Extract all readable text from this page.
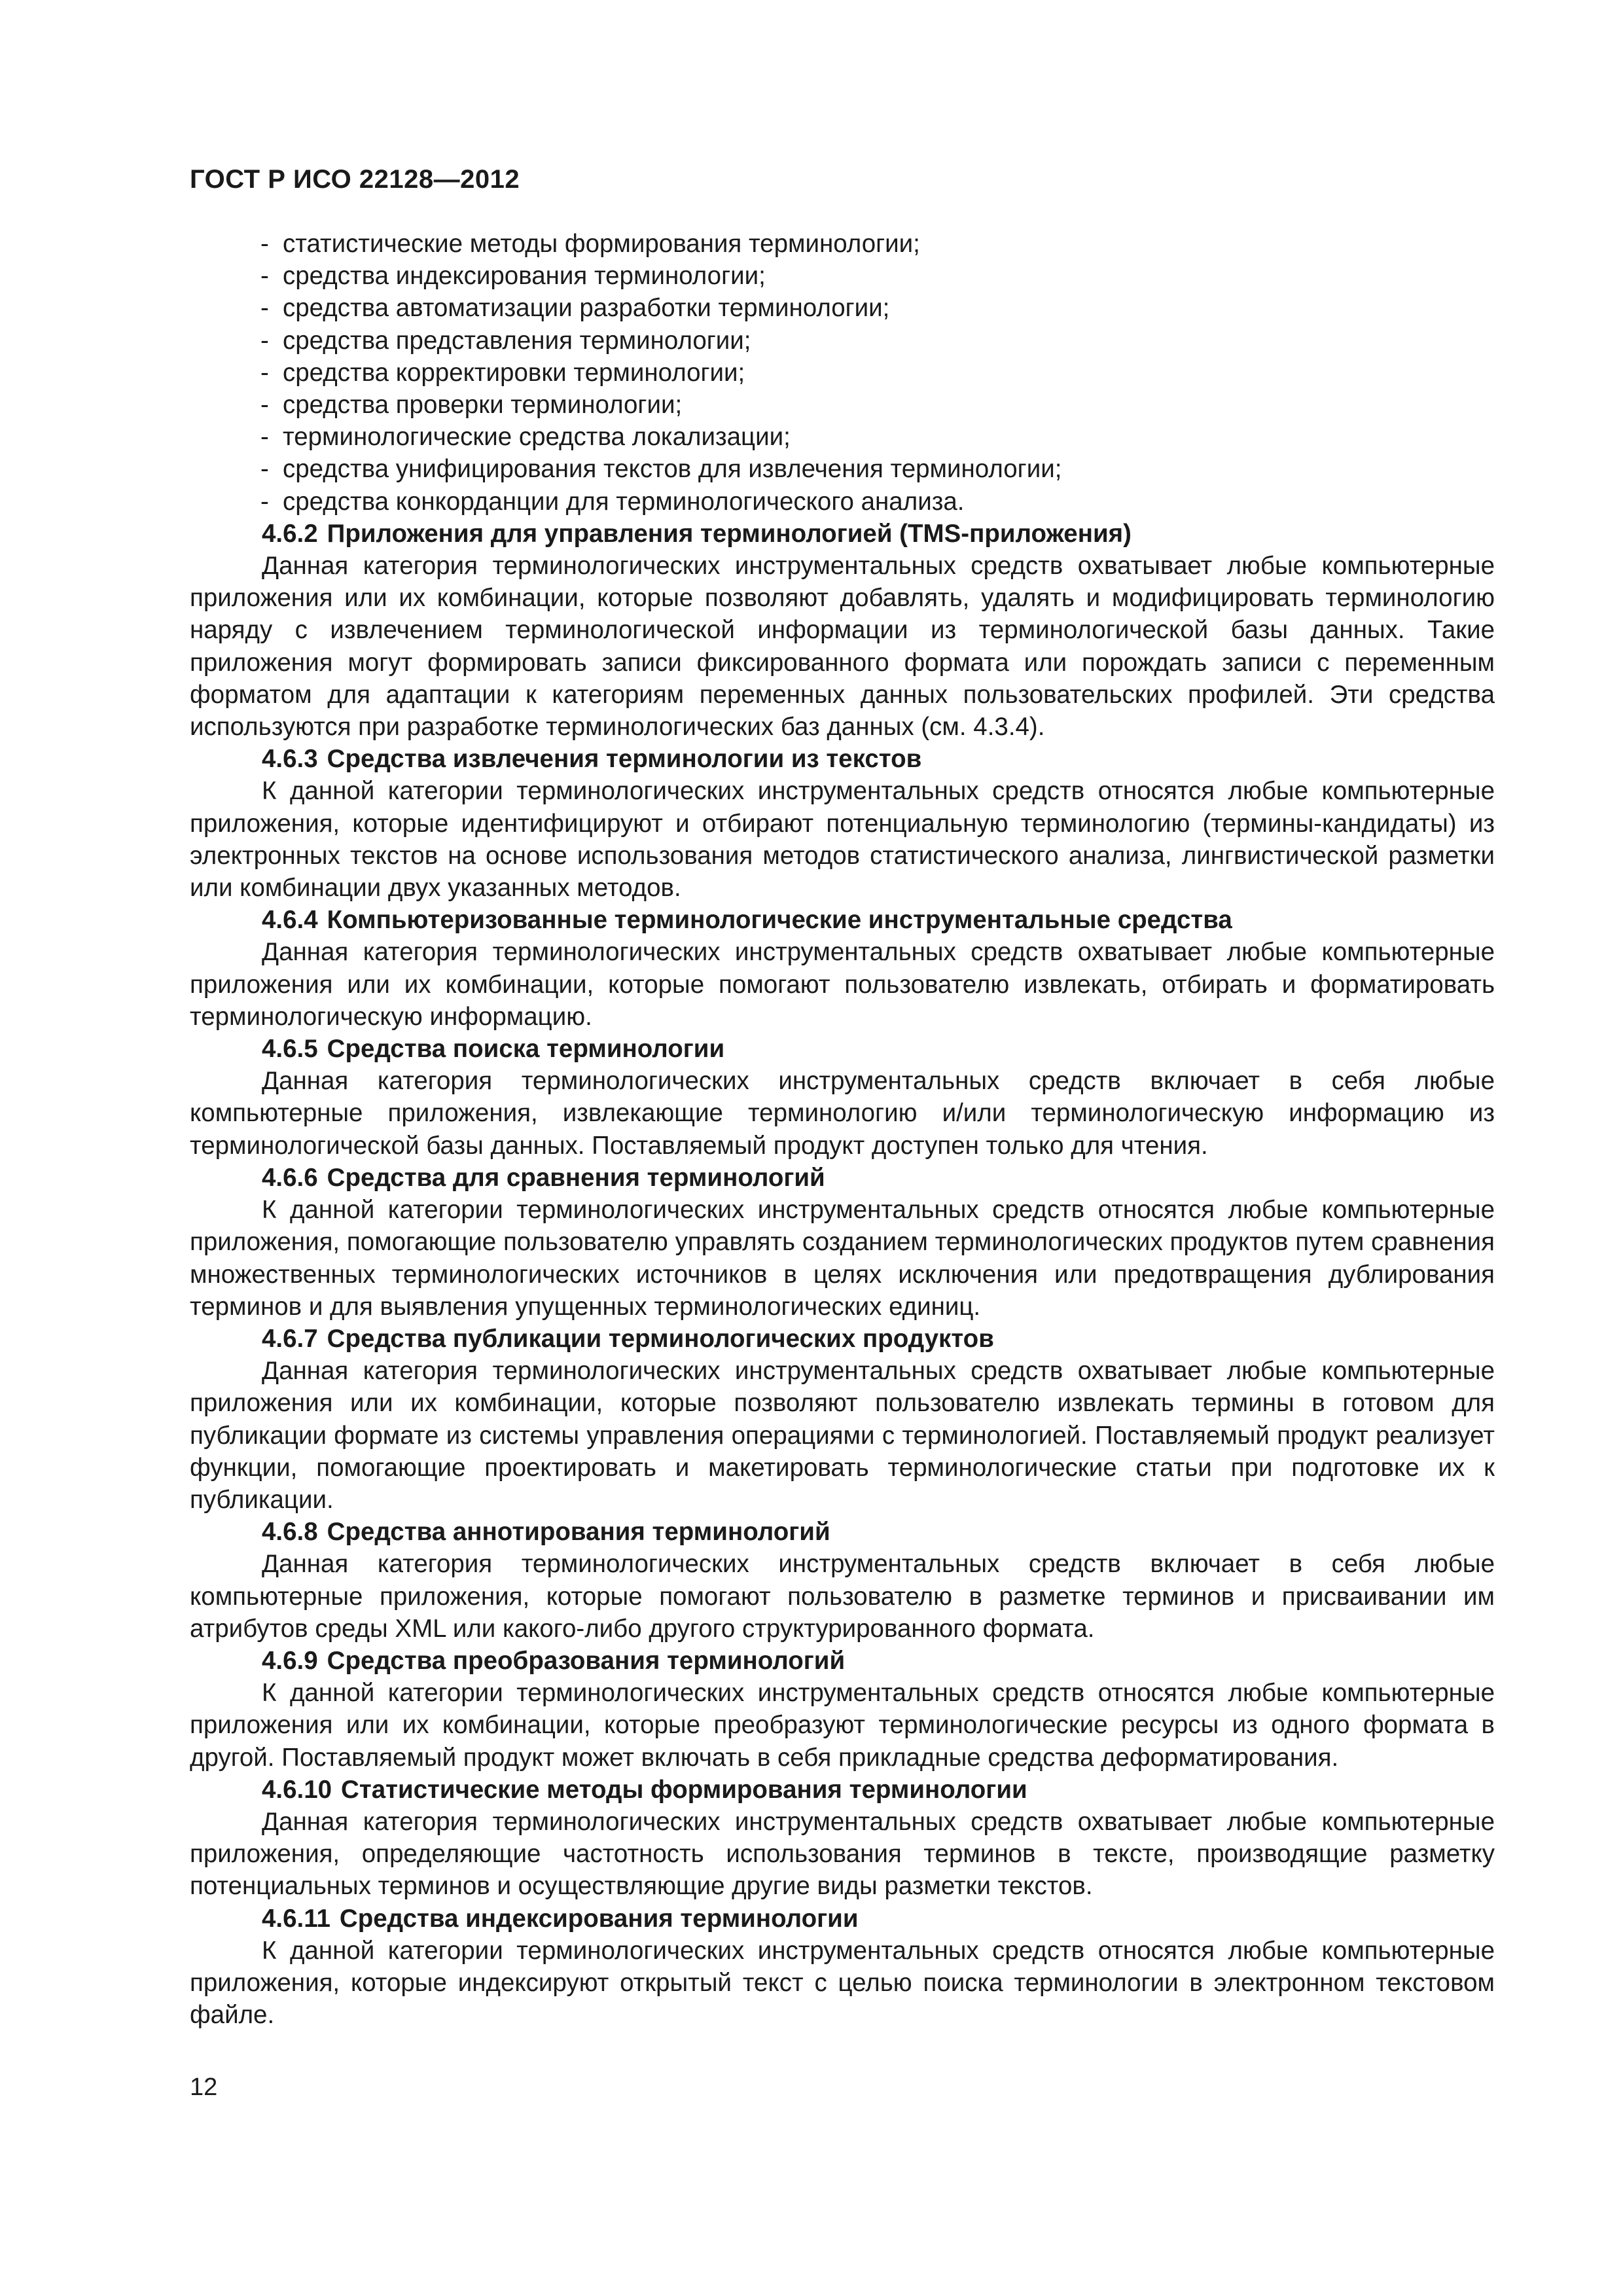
ГОСТ Р ИСО 22128—2012
- статистические методы формирования терминологии;
- средства индексирования терминологии;
- средства автоматизации разработки терминологии;
- средства представления терминологии;
- средства корректировки терминологии;
- средства проверки терминологии;
- терминологические средства локализации;
- средства унифицирования текстов для извлечения терминологии;
- средства конкорданции для терминологического анализа.
4.6.2 Приложения для управления терминологией (TMS-приложения)
Данная категория терминологических инструментальных средств охватывает любые компьютерные приложения или их комбинации, которые позволяют добавлять, удалять и модифицировать терминологию наряду с извлечением терминологической информации из терминологической базы данных. Такие приложения могут формировать записи фиксированного формата или порождать записи с переменным форматом для адаптации к категориям переменных данных пользовательских профилей. Эти средства используются при разработке терминологических баз данных (см. 4.3.4).
4.6.3 Средства извлечения терминологии из текстов
К данной категории терминологических инструментальных средств относятся любые компьютерные приложения, которые идентифицируют и отбирают потенциальную терминологию (термины-кандидаты) из электронных текстов на основе использования методов статистического анализа, лингвистической разметки или комбинации двух указанных методов.
4.6.4 Компьютеризованные терминологические инструментальные средства
Данная категория терминологических инструментальных средств охватывает любые компьютерные приложения или их комбинации, которые помогают пользователю извлекать, отбирать и форматировать терминологическую информацию.
4.6.5 Средства поиска терминологии
Данная категория терминологических инструментальных средств включает в себя любые компьютерные приложения, извлекающие терминологию и/или терминологическую информацию из терминологической базы данных. Поставляемый продукт доступен только для чтения.
4.6.6 Средства для сравнения терминологий
К данной категории терминологических инструментальных средств относятся любые компьютерные приложения, помогающие пользователю управлять созданием терминологических продуктов путем сравнения множественных терминологических источников в целях исключения или предотвращения дублирования терминов и для выявления упущенных терминологических единиц.
4.6.7 Средства публикации терминологических продуктов
Данная категория терминологических инструментальных средств охватывает любые компьютерные приложения или их комбинации, которые позволяют пользователю извлекать термины в готовом для публикации формате из системы управления операциями с терминологией. Поставляемый продукт реализует функции, помогающие проектировать и макетировать терминологические статьи при подготовке их к публикации.
4.6.8 Средства аннотирования терминологий
Данная категория терминологических инструментальных средств включает в себя любые компьютерные приложения, которые помогают пользователю в разметке терминов и присваивании им атрибутов среды XML или какого-либо другого структурированного формата.
4.6.9 Средства преобразования терминологий
К данной категории терминологических инструментальных средств относятся любые компьютерные приложения или их комбинации, которые преобразуют терминологические ресурсы из одного формата в другой. Поставляемый продукт может включать в себя прикладные средства деформатирования.
4.6.10 Статистические методы формирования терминологии
Данная категория терминологических инструментальных средств охватывает любые компьютерные приложения, определяющие частотность использования терминов в тексте, производящие разметку потенциальных терминов и осуществляющие другие виды разметки текстов.
4.6.11 Средства индексирования терминологии
К данной категории терминологических инструментальных средств относятся любые компьютерные приложения, которые индексируют открытый текст с целью поиска терминологии в электронном текстовом файле.
12
